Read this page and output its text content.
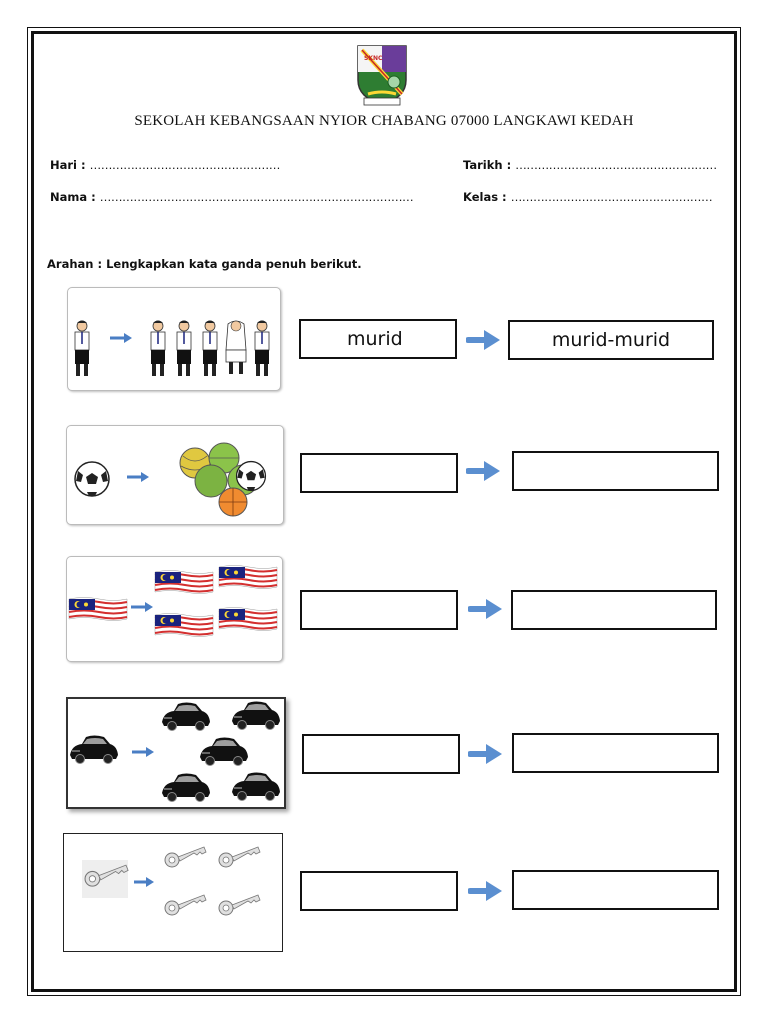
SKNC
SEKOLAH KEBANGSAAN NYIOR CHABANG 07000 LANGKAWI KEDAH
Hari : ……………………………………………	Tarikh : ………………………………………………
Nama : …………………………………………………………………………	Kelas : ………………………………………………
Arahan : Lengkapkan kata ganda penuh berikut.
murid	murid-murid
